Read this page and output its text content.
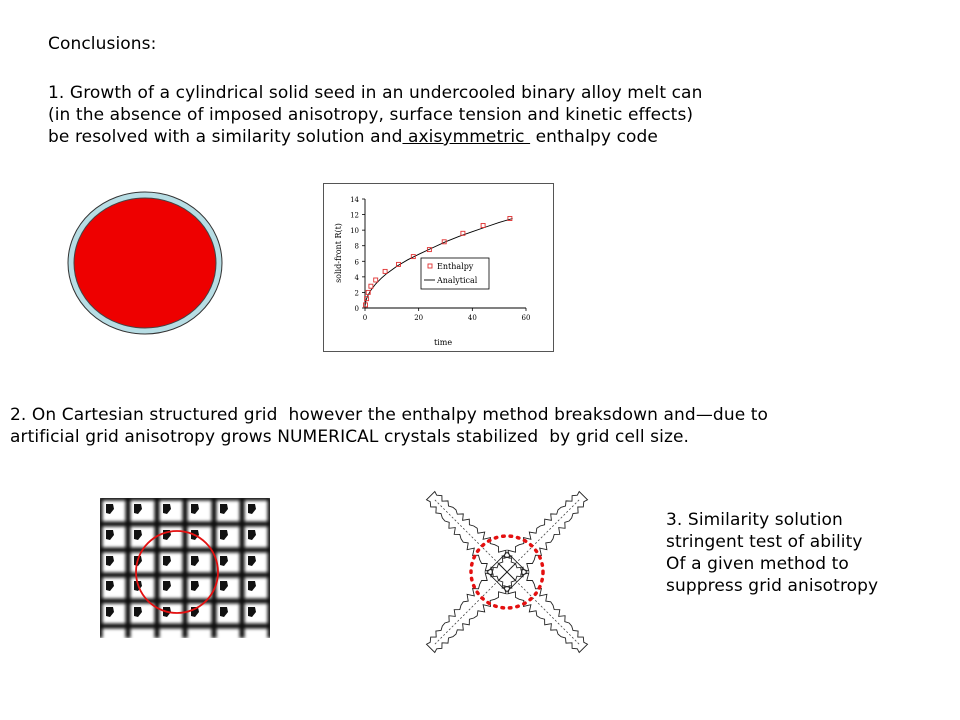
Conclusions:
1. Growth of a cylindrical solid seed in an undercooled binary alloy melt can
(in the absence of imposed anisotropy, surface tension and kinetic effects)
be resolved with a similarity solution and axisymmetric  enthalpy code
2. On Cartesian structured grid  however the enthalpy method breaksdown and—due to
artificial grid anisotropy grows NUMERICAL crystals stabilized  by grid cell size.
3. Similarity solution
stringent test of ability
Of a given method to
suppress grid anisotropy
0
2
4
6
8
10
12
14
0	20	40	60
time
solid-front R(t)	Enthalpy
Analytical
